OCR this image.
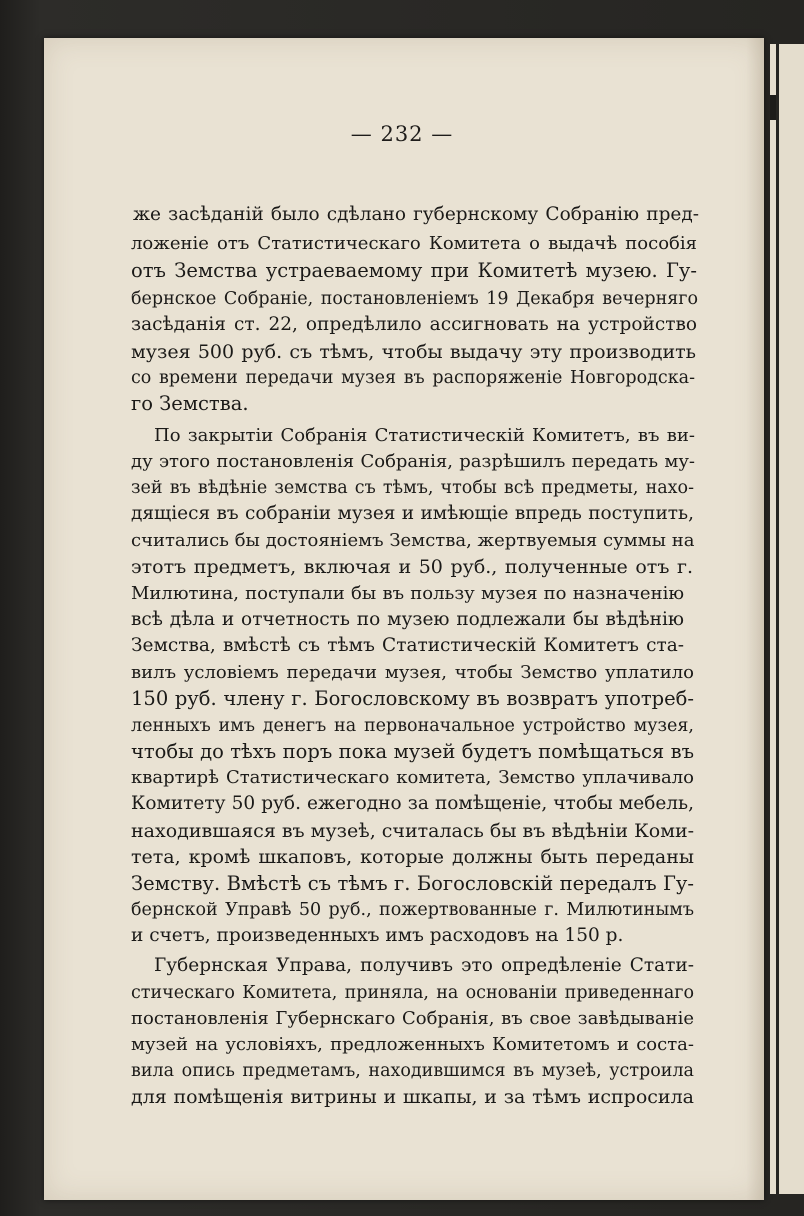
— 232 —
же засѣданій было сдѣлано губернскому Собранію пред-
ложеніе отъ Статистическаго Комитета о выдачѣ пособія
отъ Земства устраеваемому при Комитетѣ музею. Гу-
бернское Собраніе, постановленіемъ 19 Декабря вечерняго
засѣданія ст. 22, опредѣлило ассигновать на устройство
музея 500 руб. съ тѣмъ, чтобы выдачу эту производить
со времени передачи музея въ распоряженіе Новгородска-
го Земства.
По закрытіи Собранія Статистическій Комитетъ, въ ви-
ду этого постановленія Собранія, разрѣшилъ передать му-
зей въ вѣдѣніе земства съ тѣмъ, чтобы всѣ предметы, нахо-
дящіеся въ собраніи музея и имѣющіе впредь поступить,
считались бы достояніемъ Земства, жертвуемыя суммы на
этотъ предметъ, включая и 50 руб., полученные отъ г.
Милютина, поступали бы въ пользу музея по назначенію
всѣ дѣла и отчетность по музею подлежали бы вѣдѣнію
Земства, вмѣстѣ съ тѣмъ Статистическій Комитетъ ста-
вилъ условіемъ передачи музея, чтобы Земство уплатило
150 руб. члену г. Богословскому въ возвратъ употреб-
ленныхъ имъ денегъ на первоначальное устройство музея,
чтобы до тѣхъ поръ пока музей будетъ помѣщаться въ
квартирѣ Статистическаго комитета, Земство уплачивало
Комитету 50 руб. ежегодно за помѣщеніе, чтобы мебель,
находившаяся въ музеѣ, считалась бы въ вѣдѣніи Коми-
тета, кромѣ шкаповъ, которые должны быть переданы
Земству. Вмѣстѣ съ тѣмъ г. Богословскій передалъ Гу-
бернской Управѣ 50 руб., пожертвованные г. Милютинымъ
и счетъ, произведенныхъ имъ расходовъ на 150 р.
Губернская Управа, получивъ это опредѣленіе Стати-
стическаго Комитета, приняла, на основаніи приведеннаго
постановленія Губернскаго Собранія, въ свое завѣдываніе
музей на условіяхъ, предложенныхъ Комитетомъ и соста-
вила опись предметамъ, находившимся въ музеѣ, устроила
для помѣщенія витрины и шкапы, и за тѣмъ испросила
